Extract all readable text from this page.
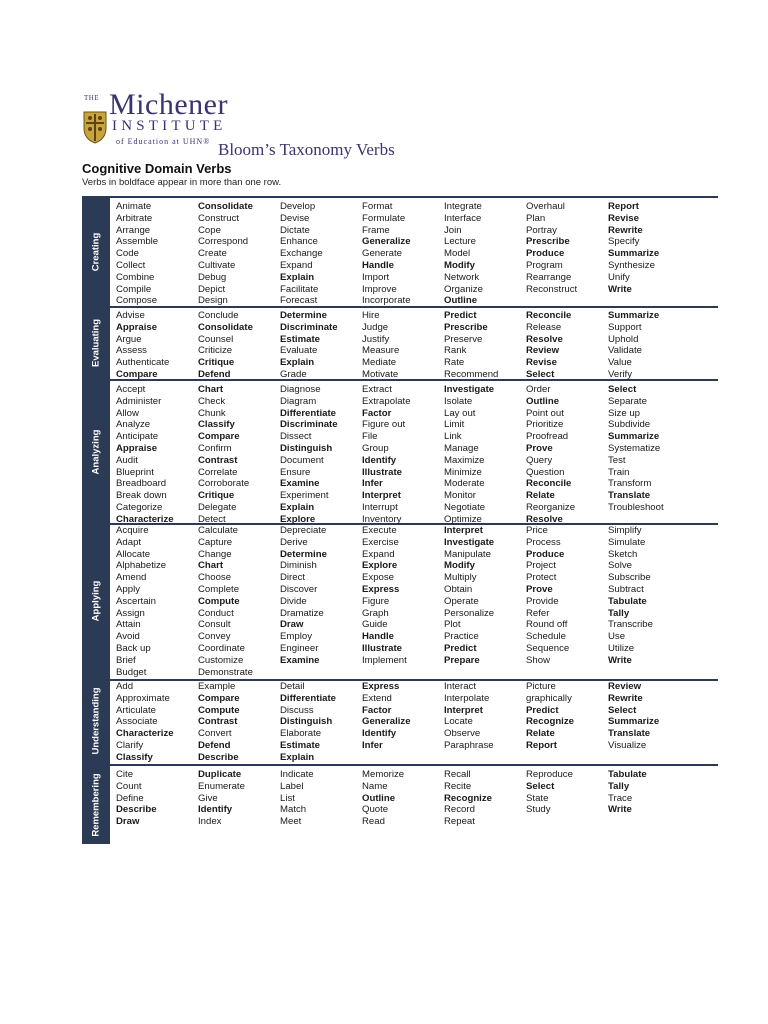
THE Michener
INSTITUTE
of Education at UHN® Bloom’s Taxonomy Verbs
Cognitive Domain Verbs
Verbs in boldface appear in more than one row.
Creating
Animate
Arbitrate
Arrange
Assemble
Code
Collect
Combine
Compile
Compose
Consolidate
Construct
Cope
Correspond
Create
Cultivate
Debug
Depict
Design
Develop
Devise
Dictate
Enhance
Exchange
Expand
Explain
Facilitate
Forecast
Format
Formulate
Frame
Generalize
Generate
Handle
Import
Improve
Incorporate
Integrate
Interface
Join
Lecture
Model
Modify
Network
Organize
Outline
Overhaul
Plan
Portray
Prescribe
Produce
Program
Rearrange
Reconstruct
Report
Revise
Rewrite
Specify
Summarize
Synthesize
Unify
Write
Evaluating
Advise
Appraise
Argue
Assess
Authenticate
Compare
Conclude
Consolidate
Counsel
Criticize
Critique
Defend
Determine
Discriminate
Estimate
Evaluate
Explain
Grade
Hire
Judge
Justify
Measure
Mediate
Motivate
Predict
Prescribe
Preserve
Rank
Rate
Recommend
Reconcile
Release
Resolve
Review
Revise
Select
Summarize
Support
Uphold
Validate
Value
Verify
Analyzing
Accept
Administer
Allow
Analyze
Anticipate
Appraise
Audit
Blueprint
Breadboard
Break down
Categorize
Characterize
Chart
Check
Chunk
Classify
Compare
Confirm
Contrast
Correlate
Corroborate
Critique
Delegate
Detect
Diagnose
Diagram
Differentiate
Discriminate
Dissect
Distinguish
Document
Ensure
Examine
Experiment
Explain
Explore
Extract
Extrapolate
Factor
Figure out
File
Group
Identify
Illustrate
Infer
Interpret
Interrupt
Inventory
Investigate
Isolate
Lay out
Limit
Link
Manage
Maximize
Minimize
Moderate
Monitor
Negotiate
Optimize
Order
Outline
Point out
Prioritize
Proofread
Prove
Query
Question
Reconcile
Relate
Reorganize
Resolve
Select
Separate
Size up
Subdivide
Summarize
Systematize
Test
Train
Transform
Translate
Troubleshoot
Applying
Acquire
Adapt
Allocate
Alphabetize
Amend
Apply
Ascertain
Assign
Attain
Avoid
Back up
Brief
Budget
Calculate
Capture
Change
Chart
Choose
Complete
Compute
Conduct
Consult
Convey
Coordinate
Customize
Demonstrate
Depreciate
Derive
Determine
Diminish
Direct
Discover
Divide
Dramatize
Draw
Employ
Engineer
Examine
Execute
Exercise
Expand
Explore
Expose
Express
Figure
Graph
Guide
Handle
Illustrate
Implement
Interpret
Investigate
Manipulate
Modify
Multiply
Obtain
Operate
Personalize
Plot
Practice
Predict
Prepare
Price
Process
Produce
Project
Protect
Prove
Provide
Refer
Round off
Schedule
Sequence
Show
Simplify
Simulate
Sketch
Solve
Subscribe
Subtract
Tabulate
Tally
Transcribe
Use
Utilize
Write
Understanding
Add
Approximate
Articulate
Associate
Characterize
Clarify
Classify
Example
Compare
Compute
Contrast
Convert
Defend
Describe
Detail
Differentiate
Discuss
Distinguish
Elaborate
Estimate
Explain
Express
Extend
Factor
Generalize
Identify
Infer
Interact
Interpolate
Interpret
Locate
Observe
Paraphrase
Picture
graphically
Predict
Recognize
Relate
Report
Review
Rewrite
Select
Summarize
Translate
Visualize
Remembering Cite
Count
Define
Describe
Draw
Duplicate
Enumerate
Give
Identify
Index
Indicate
Label
List
Match
Meet
Memorize
Name
Outline
Quote
Read
Recall
Recite
Recognize
Record
Repeat
Reproduce
Select
State
Study
Tabulate
Tally
Trace
Write
